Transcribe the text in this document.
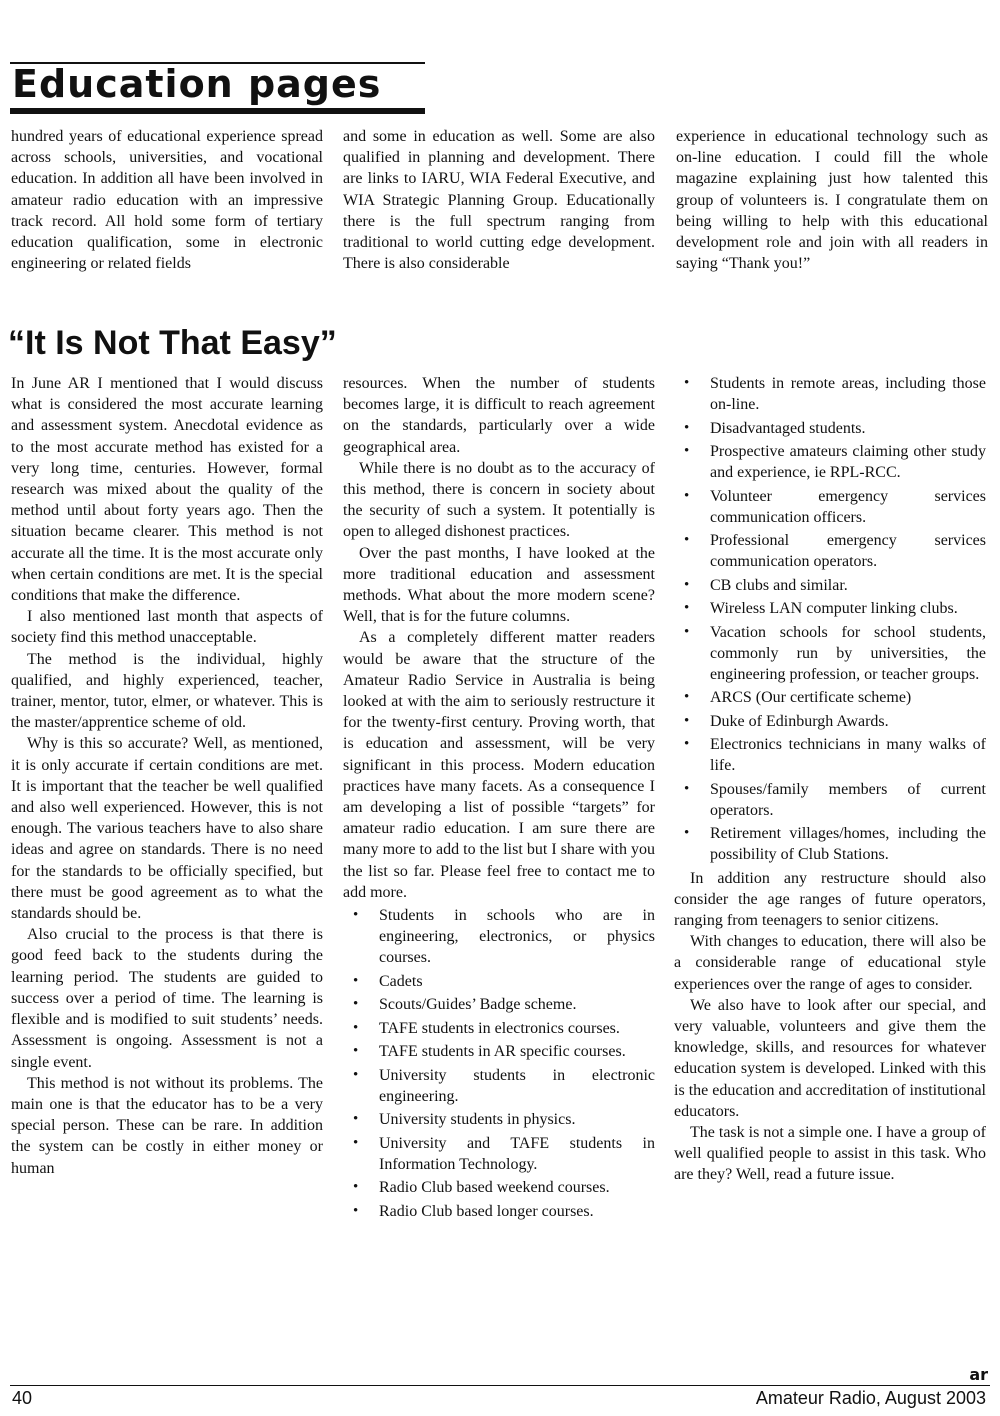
Education pages

hundred years of educational experience spread across schools, universities, and vocational education. In addition all have been involved in amateur radio education with an impressive track record. All hold some form of tertiary education qualification, some in electronic engineering or related fields

and some in education as well. Some are also qualified in planning and development. There are links to IARU, WIA Federal Executive, and WIA Strategic Planning Group. Educationally there is the full spectrum ranging from traditional to world cutting edge development. There is also considerable

experience in educational technology such as on-line education. I could fill the whole magazine explaining just how talented this group of volunteers is. I congratulate them on being willing to help with this educational development role and join with all readers in saying “Thank you!”

“It Is Not That Easy”

In June AR I mentioned that I would discuss what is considered the most accurate learning and assessment system. Anecdotal evidence as to the most accurate method has existed for a very long time, centuries. However, formal research was mixed about the quality of the method until about forty years ago. Then the situation became clearer. This method is not accurate all the time. It is the most accurate only when certain conditions are met. It is the special conditions that make the difference.

I also mentioned last month that aspects of society find this method unacceptable.

The method is the individual, highly qualified, and highly experienced, teacher, trainer, mentor, tutor, elmer, or whatever. This is the master/apprentice scheme of old.

Why is this so accurate? Well, as mentioned, it is only accurate if certain conditions are met. It is important that the teacher be well qualified and also well experienced. However, this is not enough. The various teachers have to also share ideas and agree on standards. There is no need for the standards to be officially specified, but there must be good agreement as to what the standards should be.

Also crucial to the process is that there is good feed back to the students during the learning period. The students are guided to success over a period of time. The learning is flexible and is modified to suit students’ needs. Assessment is ongoing. Assessment is not a single event.

This method is not without its problems. The main one is that the educator has to be a very special person. These can be rare. In addition the system can be costly in either money or human

resources. When the number of students becomes large, it is difficult to reach agreement on the standards, particularly over a wide geographical area.

While there is no doubt as to the accuracy of this method, there is concern in society about the security of such a system. It potentially is open to alleged dishonest practices.

Over the past months, I have looked at the more traditional education and assessment methods. What about the more modern scene? Well, that is for the future columns.

As a completely different matter readers would be aware that the structure of the Amateur Radio Service in Australia is being looked at with the aim to seriously restructure it for the twenty-first century. Proving worth, that is education and assessment, will be very significant in this process. Modern education practices have many facets. As a consequence I am developing a list of possible “targets” for amateur radio education. I am sure there are many more to add to the list but I share with you the list so far. Please feel free to contact me to add more.

• Students in schools who are in engineering, electronics, or physics courses.
• Cadets
• Scouts/Guides’ Badge scheme.
• TAFE students in electronics courses.
• TAFE students in AR specific courses.
• University students in electronic engineering.
• University students in physics.
• University and TAFE students in Information Technology.
• Radio Club based weekend courses.
• Radio Club based longer courses.
• Students in remote areas, including those on-line.
• Disadvantaged students.
• Prospective amateurs claiming other study and experience, ie RPL-RCC.
• Volunteer emergency services communication officers.
• Professional emergency services communication operators.
• CB clubs and similar.
• Wireless LAN computer linking clubs.
• Vacation schools for school students, commonly run by universities, the engineering profession, or teacher groups.
• ARCS (Our certificate scheme)
• Duke of Edinburgh Awards.
• Electronics technicians in many walks of life.
• Spouses/family members of current operators.
• Retirement villages/homes, including the possibility of Club Stations.

In addition any restructure should also consider the age ranges of future operators, ranging from teenagers to senior citizens.

With changes to education, there will also be a considerable range of educational style experiences over the range of ages to consider.

We also have to look after our special, and very valuable, volunteers and give them the knowledge, skills, and resources for whatever education system is developed. Linked with this is the education and accreditation of institutional educators.

The task is not a simple one. I have a group of well qualified people to assist in this task. Who are they? Well, read a future issue.

ar
40	Amateur Radio, August 2003
